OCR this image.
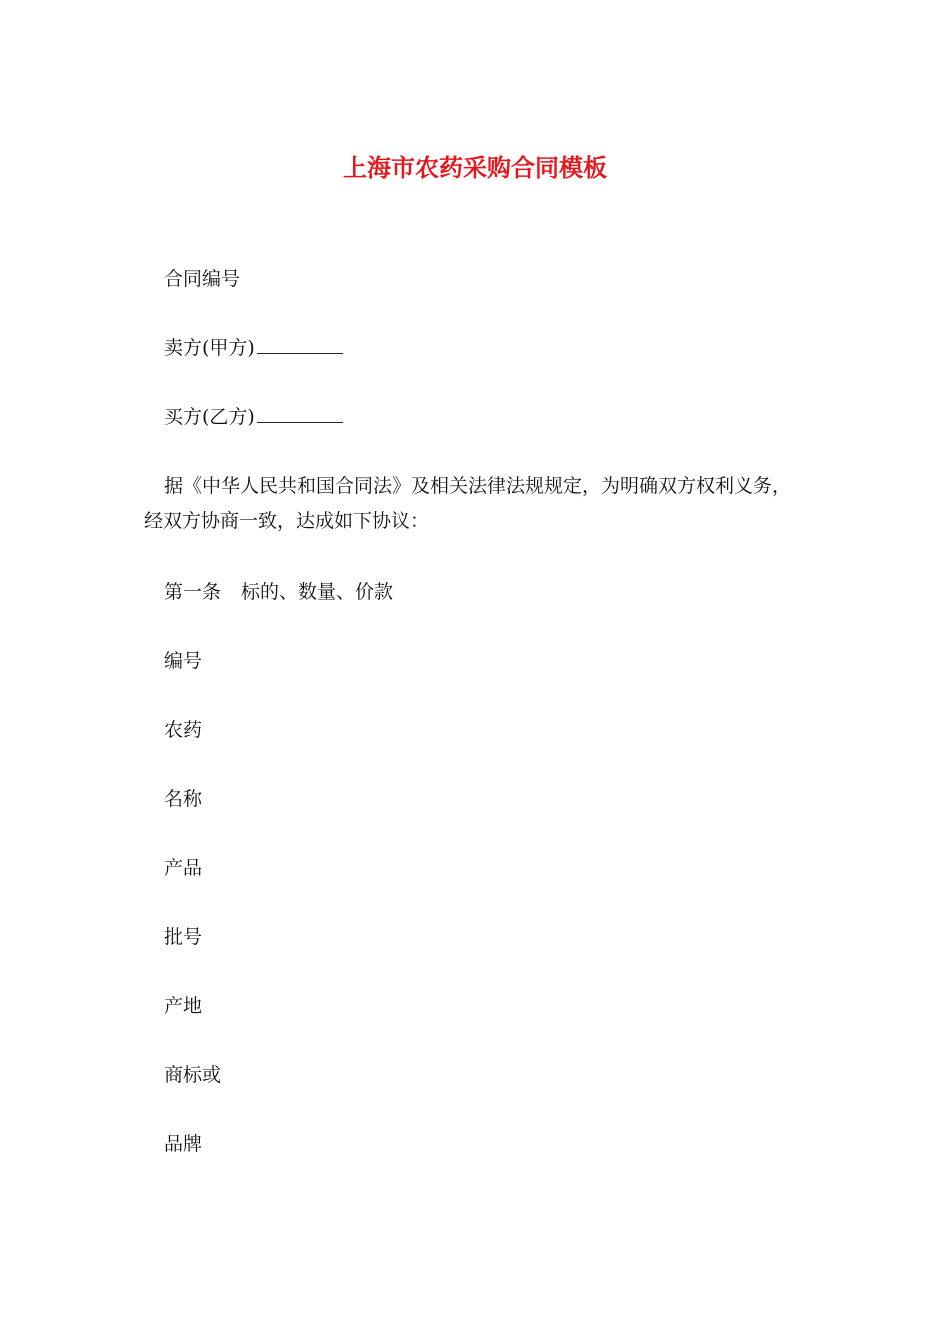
上海市农药采购合同模板
合同编号
卖方(甲方)
买方(乙方)
据《中华人民共和国合同法》及相关法律法规规定，为明确双方权利义务，
经双方协商一致，达成如下协议：
第一条 标的、数量、价款
编号
农药
名称
产品
批号
产地
商标或
品牌
